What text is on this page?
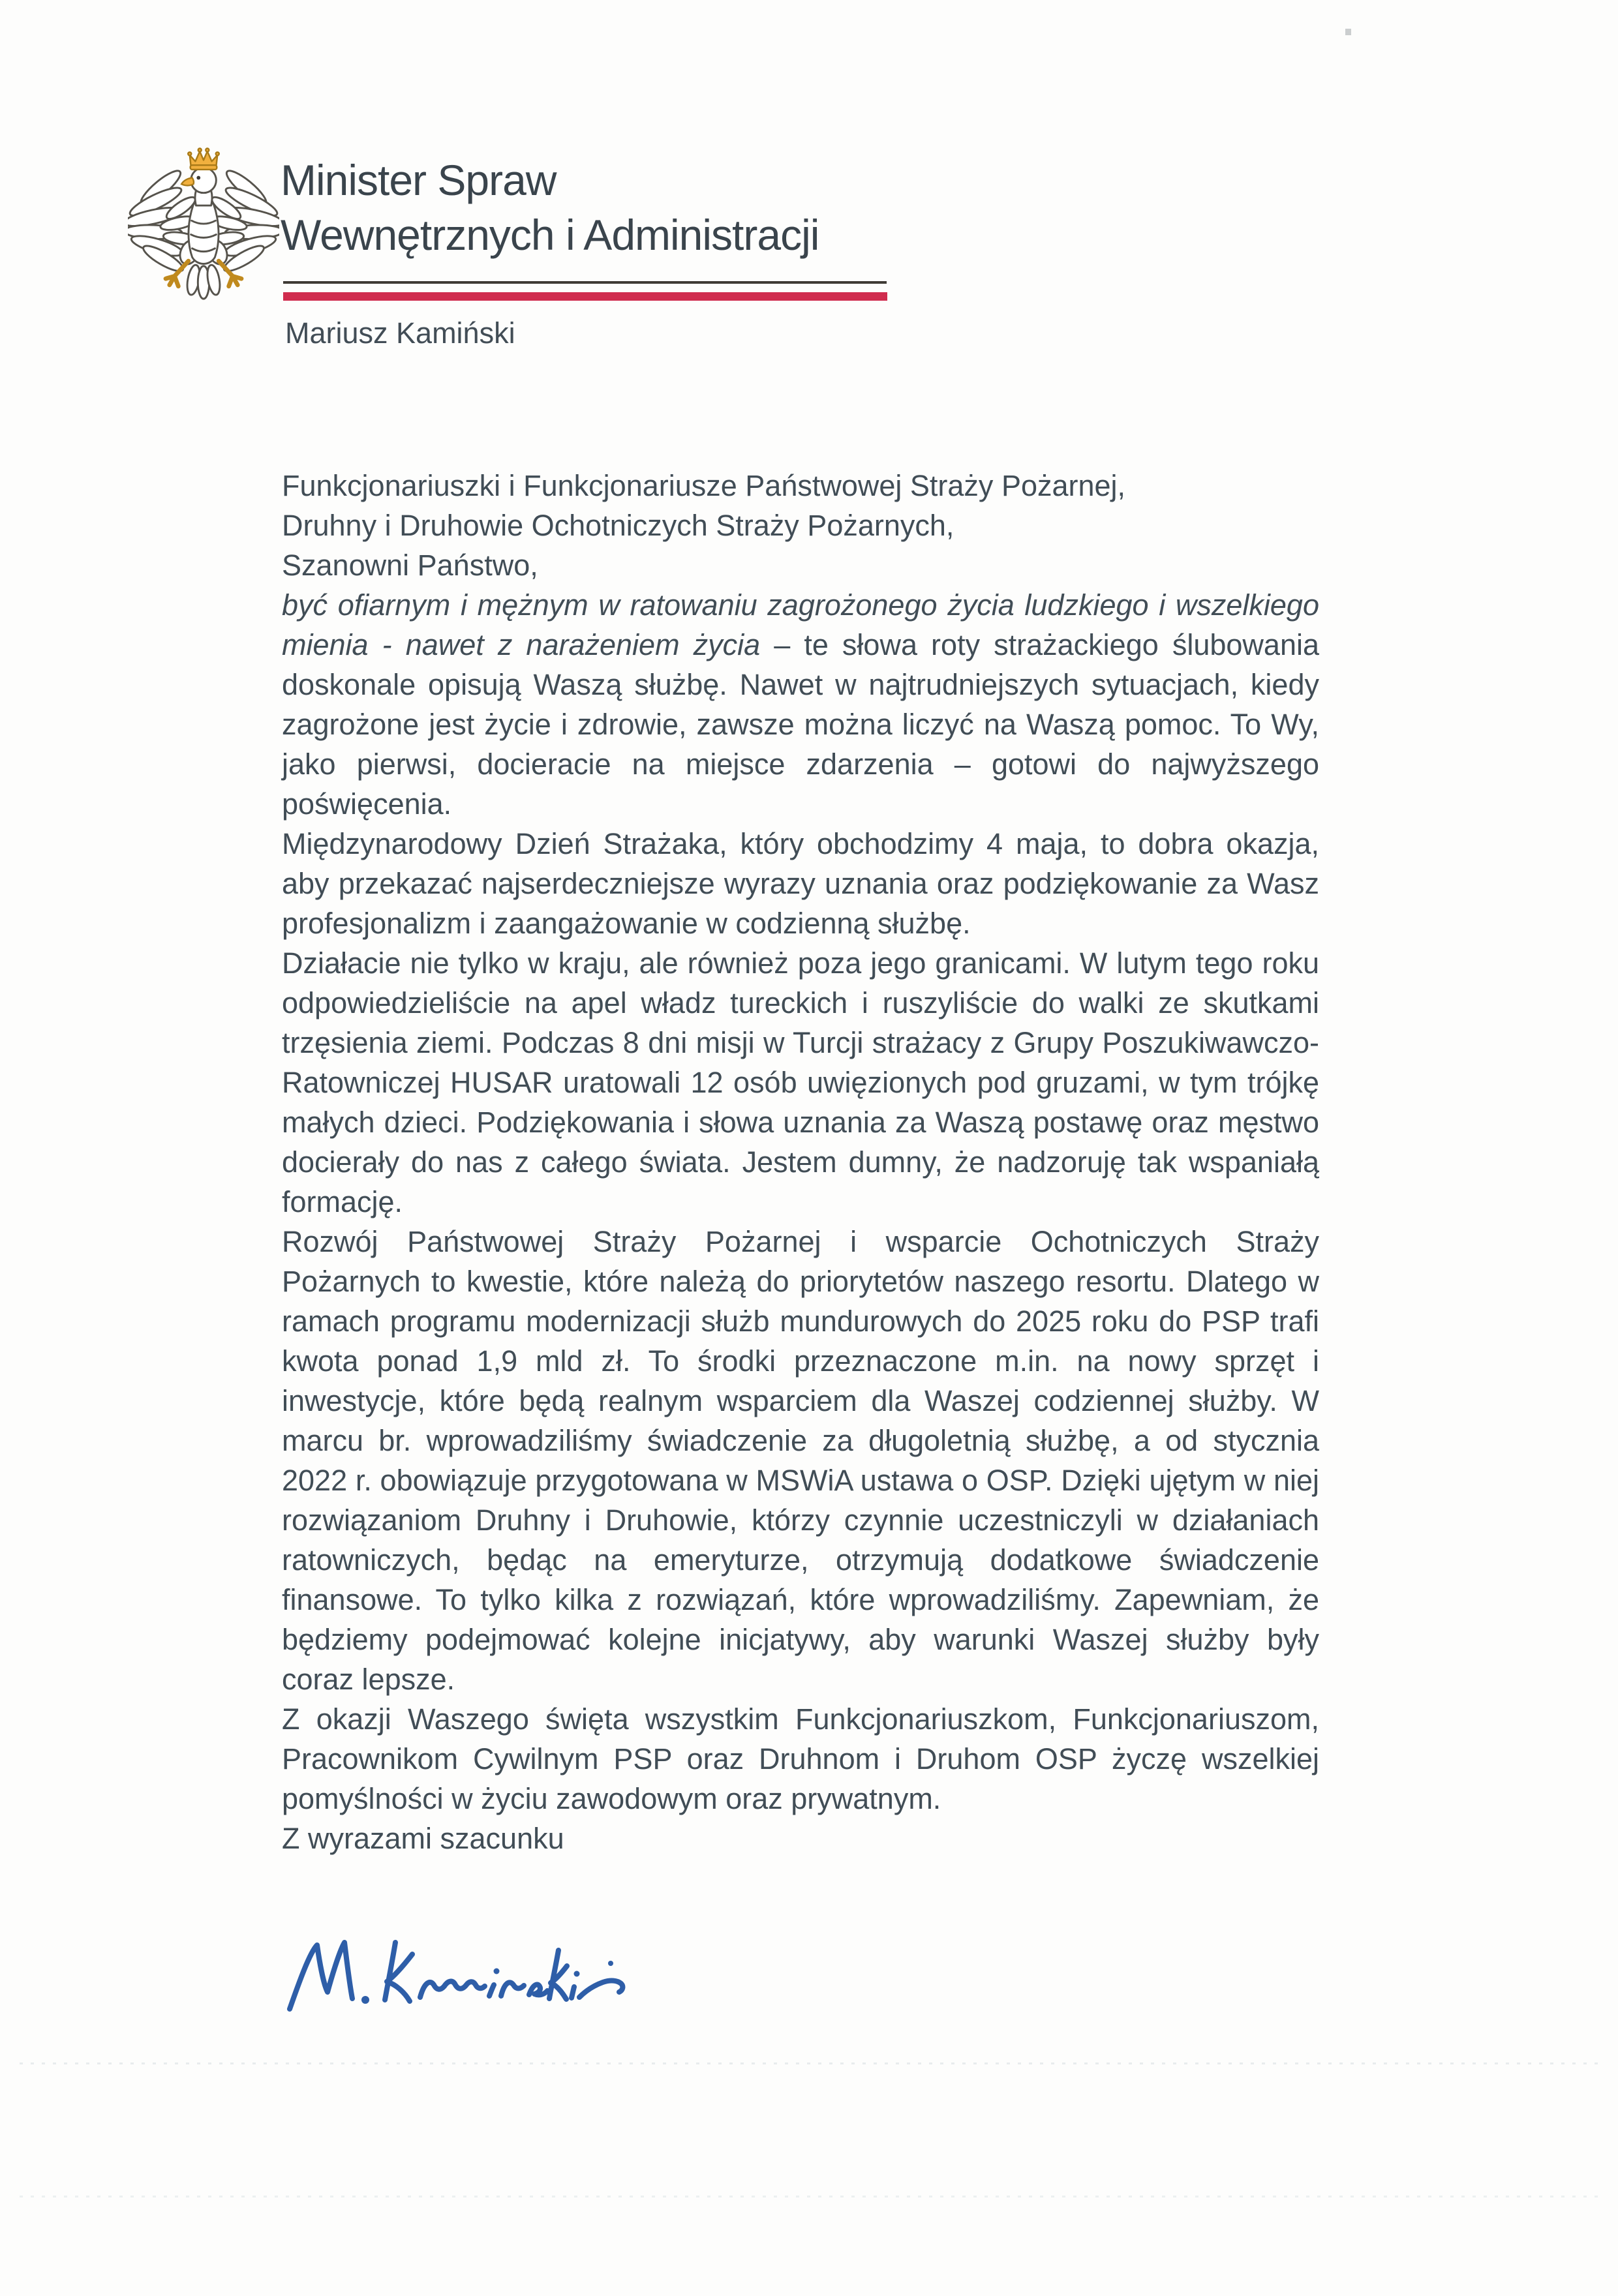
Minister Spraw
Wewnętrznych i Administracji
Mariusz Kamiński

Funkcjonariuszki i Funkcjonariusze Państwowej Straży Pożarnej,

Druhny i Druhowie Ochotniczych Straży Pożarnych,

Szanowni Państwo,

być ofiarnym i mężnym w ratowaniu zagrożonego życia ludzkiego i wszelkiego mienia - nawet z narażeniem życia – te słowa roty strażackiego ślubowania doskonale opisują Waszą służbę. Nawet w najtrudniejszych sytuacjach, kiedy zagrożone jest życie i zdrowie, zawsze można liczyć na Waszą pomoc. To Wy, jako pierwsi, docieracie na miejsce zdarzenia – gotowi do najwyższego poświęcenia.

Międzynarodowy Dzień Strażaka, który obchodzimy 4 maja, to dobra okazja, aby przekazać najserdeczniejsze wyrazy uznania oraz podziękowanie za Wasz profesjonalizm i zaangażowanie w codzienną służbę.

Działacie nie tylko w kraju, ale również poza jego granicami. W lutym tego roku odpowiedzieliście na apel władz tureckich i ruszyliście do walki ze skutkami trzęsienia ziemi. Podczas 8 dni misji w Turcji strażacy z Grupy Poszukiwawczo-Ratowniczej HUSAR uratowali 12 osób uwięzionych pod gruzami, w tym trójkę małych dzieci. Podziękowania i słowa uznania za Waszą postawę oraz męstwo docierały do nas z całego świata. Jestem dumny, że nadzoruję tak wspaniałą formację.

Rozwój Państwowej Straży Pożarnej i wsparcie Ochotniczych Straży Pożarnych to kwestie, które należą do priorytetów naszego resortu. Dlatego w ramach programu modernizacji służb mundurowych do 2025 roku do PSP trafi kwota ponad 1,9 mld zł. To środki przeznaczone m.in. na nowy sprzęt i inwestycje, które będą realnym wsparciem dla Waszej codziennej służby. W marcu br. wprowadziliśmy świadczenie za długoletnią służbę, a od stycznia 2022 r. obowiązuje przygotowana w MSWiA ustawa o OSP. Dzięki ujętym w niej rozwiązaniom Druhny i Druhowie, którzy czynnie uczestniczyli w działaniach ratowniczych, będąc na emeryturze, otrzymują dodatkowe świadczenie finansowe. To tylko kilka z rozwiązań, które wprowadziliśmy. Zapewniam, że będziemy podejmować kolejne inicjatywy, aby warunki Waszej służby były coraz lepsze.

Z okazji Waszego święta wszystkim Funkcjonariuszkom, Funkcjonariuszom, Pracownikom Cywilnym PSP oraz Druhnom i Druhom OSP życzę wszelkiej pomyślności w życiu zawodowym oraz prywatnym.

Z wyrazami szacunku
